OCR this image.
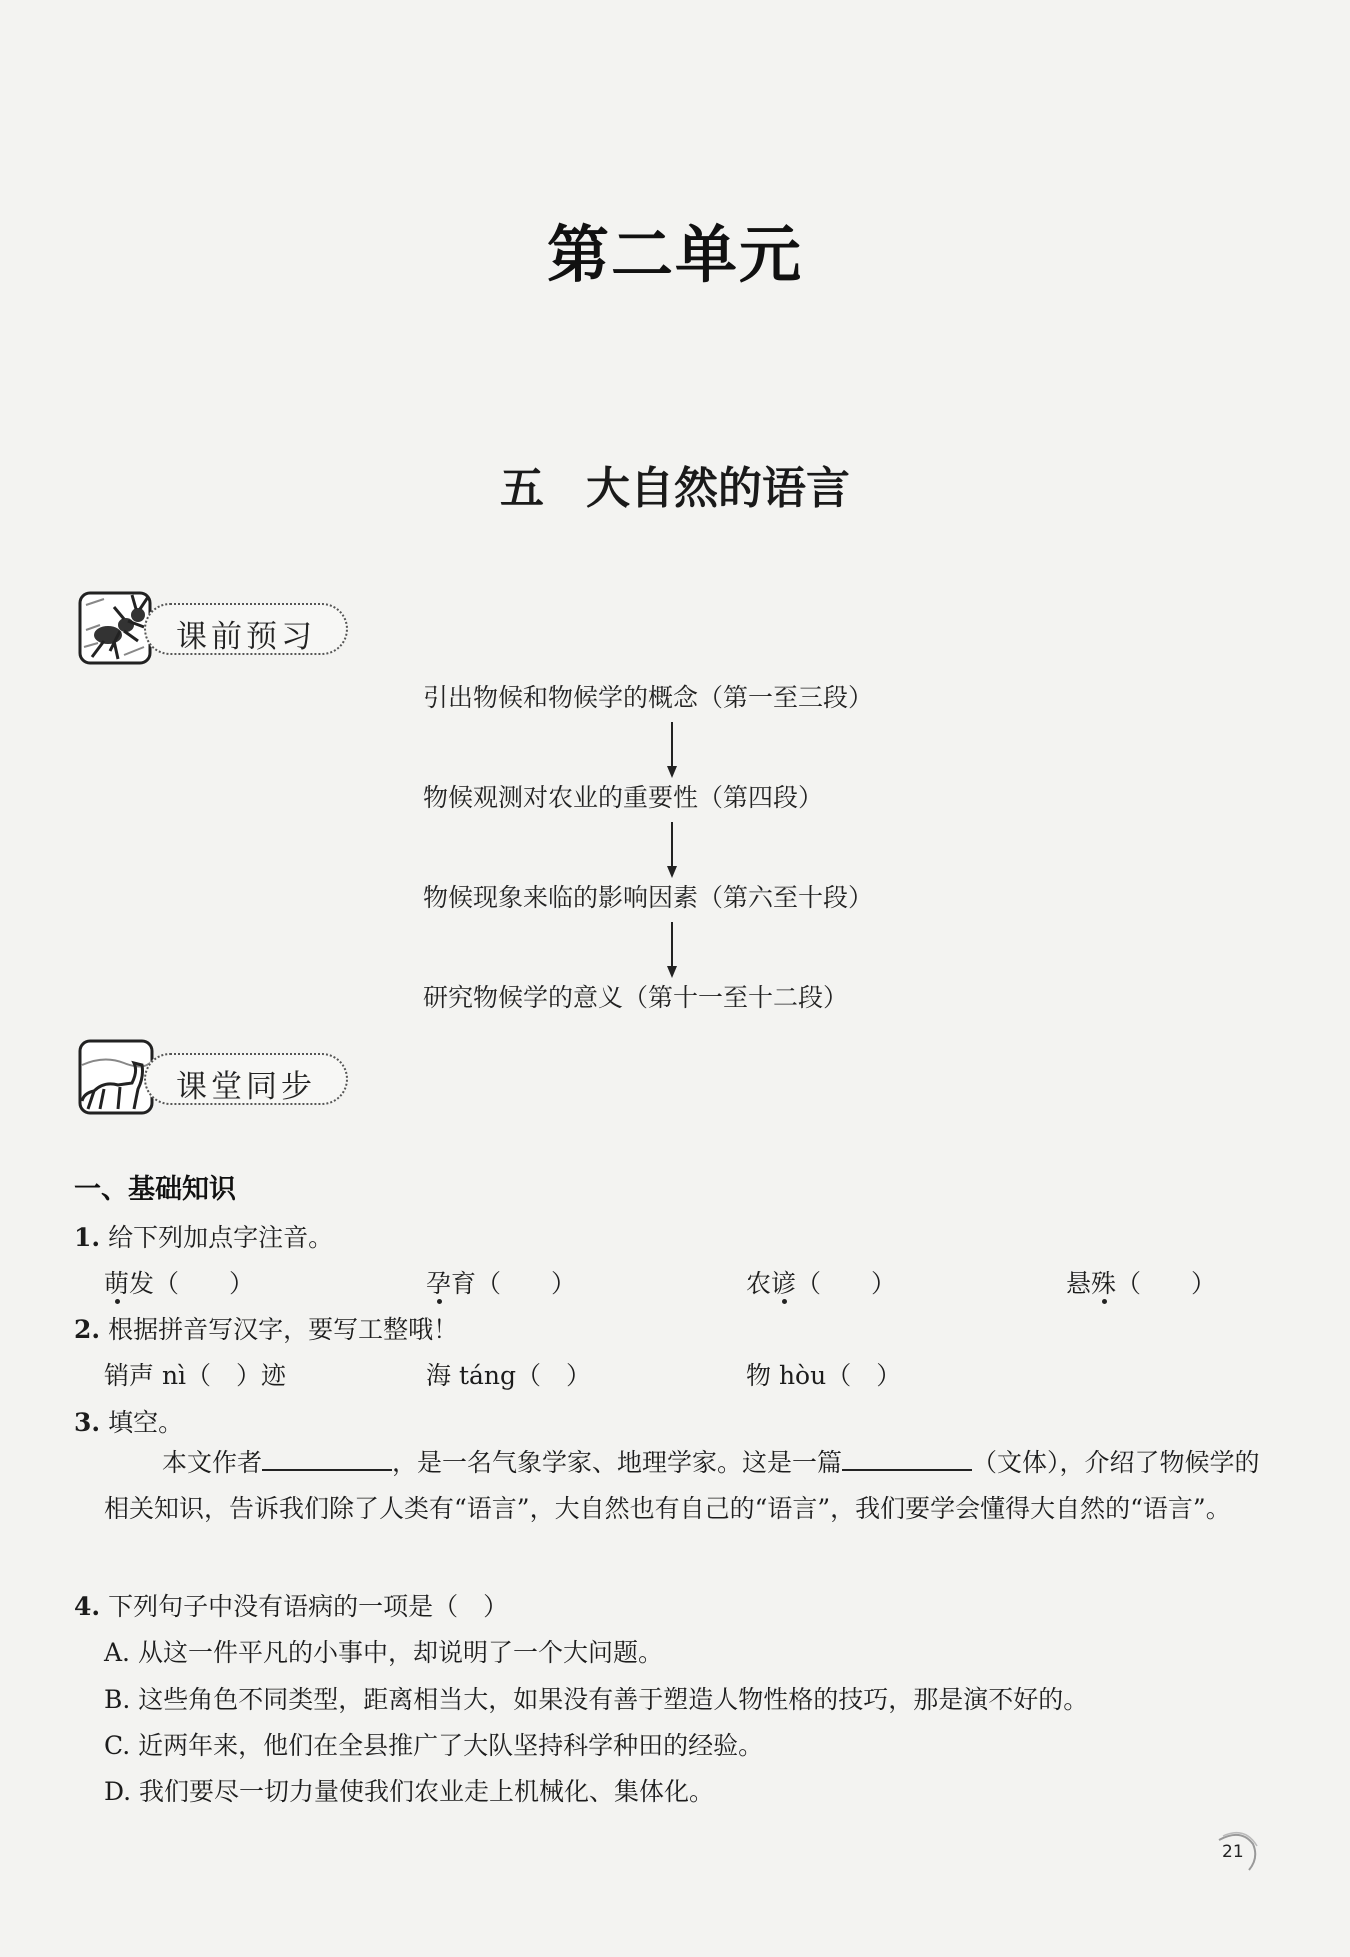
第二单元
五 大自然的语言
课前预习
引出物候和物候学的概念（第一至三段）
物候观测对农业的重要性（第四段）
物候现象来临的影响因素（第六至十段）
研究物候学的意义（第十一至十二段）
课堂同步
一、基础知识
1. 给下列加点字注音。
萌发（　　）	孕育（　　）	农谚（　　）	悬殊（　　）
2. 根据拼音写汉字，要写工整哦！
销声 nì（　）迹	海 táng（　）	物 hòu（　）
3. 填空。
本文作者	，是一名气象学家、地理学家。这是一篇	（文体），介绍了物候学的相关知识，告诉我们除了人类有“语言”，大自然也有自己的“语言”，我们要学会懂得大自然的“语言”。
4. 下列句子中没有语病的一项是（　）
A. 从这一件平凡的小事中，却说明了一个大问题。
B. 这些角色不同类型，距离相当大，如果没有善于塑造人物性格的技巧，那是演不好的。
C. 近两年来，他们在全县推广了大队坚持科学种田的经验。
D. 我们要尽一切力量使我们农业走上机械化、集体化。
21
